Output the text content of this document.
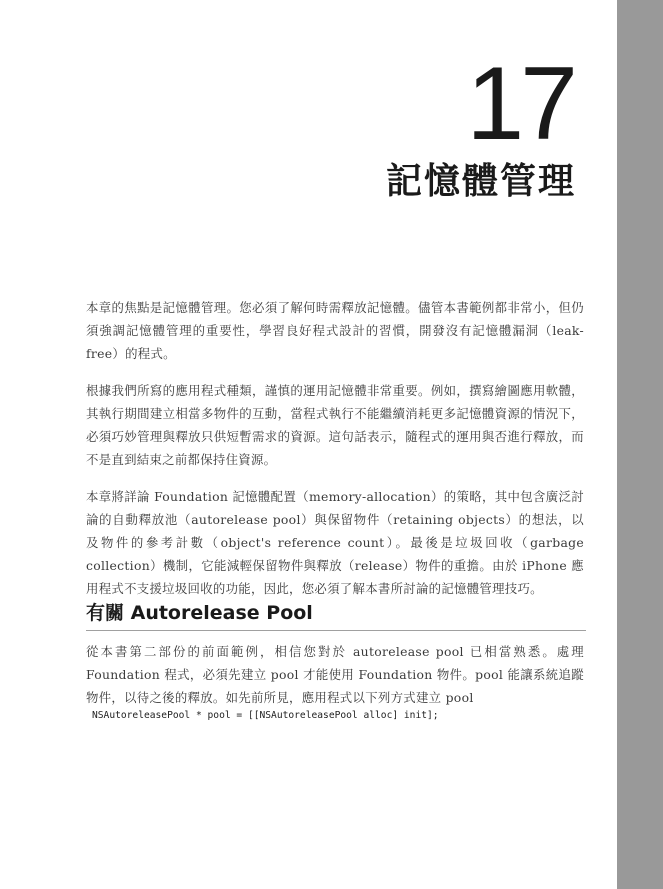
17
記憶體管理

本章的焦點是記憶體管理。您必須了解何時需釋放記憶體。儘管本書範例都非常小，但仍須強調記憶體管理的重要性，學習良好程式設計的習慣，開發沒有記憶體漏洞（leak-free）的程式。

根據我們所寫的應用程式種類，謹慎的運用記憶體非常重要。例如，撰寫繪圖應用軟體，其執行期間建立相當多物件的互動，當程式執行不能繼續消耗更多記憶體資源的情況下，必須巧妙管理與釋放只供短暫需求的資源。這句話表示，隨程式的運用與否進行釋放，而不是直到結束之前都保持住資源。

本章將詳論 Foundation 記憶體配置（memory-allocation）的策略，其中包含廣泛討論的自動釋放池（autorelease pool）與保留物件（retaining objects）的想法，以及物件的參考計數（object's reference count）。最後是垃圾回收（garbage collection）機制，它能減輕保留物件與釋放（release）物件的重擔。由於 iPhone 應用程式不支援垃圾回收的功能，因此，您必須了解本書所討論的記憶體管理技巧。

有關 Autorelease Pool

從本書第二部份的前面範例，相信您對於 autorelease pool 已相當熟悉。處理 Foundation 程式，必須先建立 pool 才能使用 Foundation 物件。pool 能讓系統追蹤物件，以待之後的釋放。如先前所見，應用程式以下列方式建立 pool

NSAutoreleasePool * pool = [[NSAutoreleasePool alloc] init];
